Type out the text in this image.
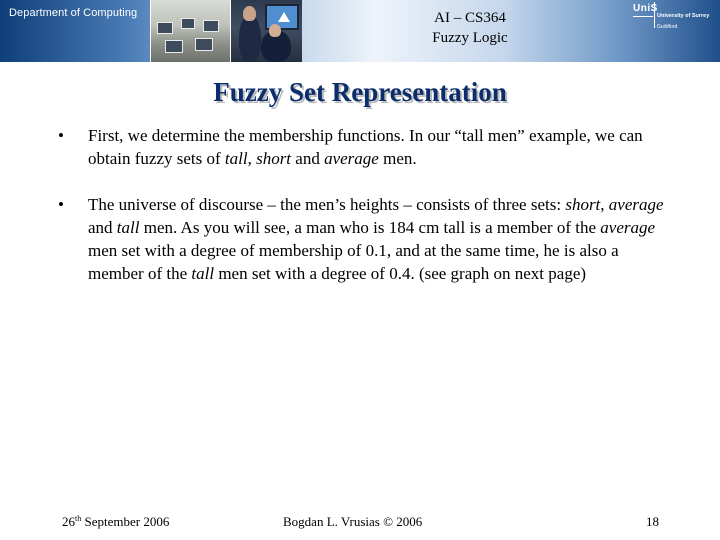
Department of Computing	AI – CS364
Fuzzy Logic
UniS
University of Surrey
Guildford
Fuzzy Set Representation
• First, we determine the membership functions. In our “tall men” example, we can obtain fuzzy sets of tall, short and average men.
• The universe of discourse – the men’s heights – consists of three sets: short, average and tall men. As you will see, a man who is 184 cm tall is a member of the average men set with a degree of membership of 0.1, and at the same time, he is also a member of the tall men set with a degree of 0.4. (see graph on next page)
26th September 2006	Bogdan L. Vrusias © 2006	18
